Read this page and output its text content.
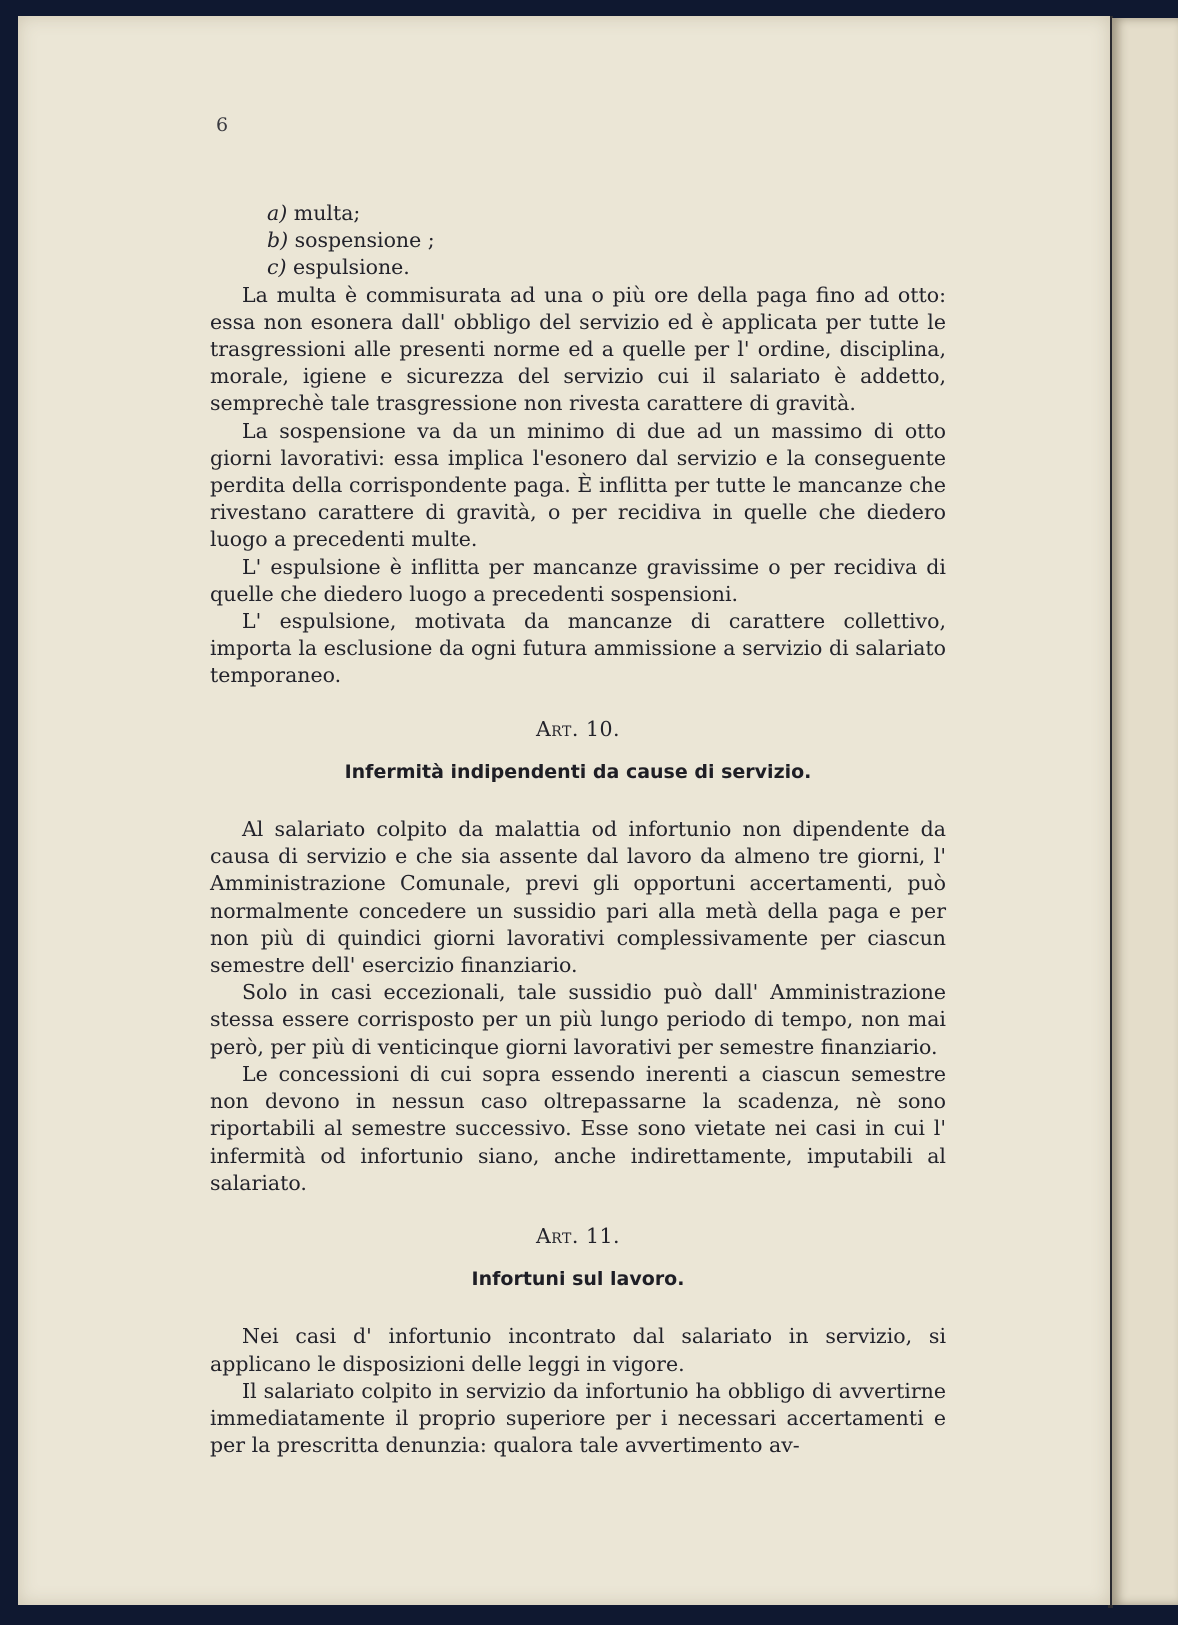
6
a) multa;
b) sospensione ;
c) espulsione.

La multa è commisurata ad una o più ore della paga fino ad otto: essa non esonera dall' obbligo del servizio ed è applicata per tutte le trasgressioni alle presenti norme ed a quelle per l' ordine, disciplina, morale, igiene e sicurezza del servizio cui il salariato è addetto, semprechè tale trasgressione non rivesta carattere di gravità.

La sospensione va da un minimo di due ad un massimo di otto giorni lavorativi: essa implica l'esonero dal servizio e la conseguente perdita della corrispondente paga. È inflitta per tutte le mancanze che rivestano carattere di gravità, o per recidiva in quelle che diedero luogo a precedenti multe.

L' espulsione è inflitta per mancanze gravissime o per recidiva di quelle che diedero luogo a precedenti sospensioni.

L' espulsione, motivata da mancanze di carattere collettivo, importa la esclusione da ogni futura ammissione a servizio di salariato temporaneo.

Art. 10.
Infermità indipendenti da cause di servizio.

Al salariato colpito da malattia od infortunio non dipendente da causa di servizio e che sia assente dal lavoro da almeno tre giorni, l' Amministrazione Comunale, previ gli opportuni accertamenti, può normalmente concedere un sussidio pari alla metà della paga e per non più di quindici giorni lavorativi complessivamente per ciascun semestre dell' esercizio finanziario.

Solo in casi eccezionali, tale sussidio può dall' Amministrazione stessa essere corrisposto per un più lungo periodo di tempo, non mai però, per più di venticinque giorni lavorativi per semestre finanziario.

Le concessioni di cui sopra essendo inerenti a ciascun semestre non devono in nessun caso oltrepassarne la scadenza, nè sono riportabili al semestre successivo. Esse sono vietate nei casi in cui l' infermità od infortunio siano, anche indirettamente, imputabili al salariato.

Art. 11.
Infortuni sul lavoro.

Nei casi d' infortunio incontrato dal salariato in servizio, si applicano le disposizioni delle leggi in vigore.

Il salariato colpito in servizio da infortunio ha obbligo di avvertirne immediatamente il proprio superiore per i necessari accertamenti e per la prescritta denunzia: qualora tale avvertimento av-
